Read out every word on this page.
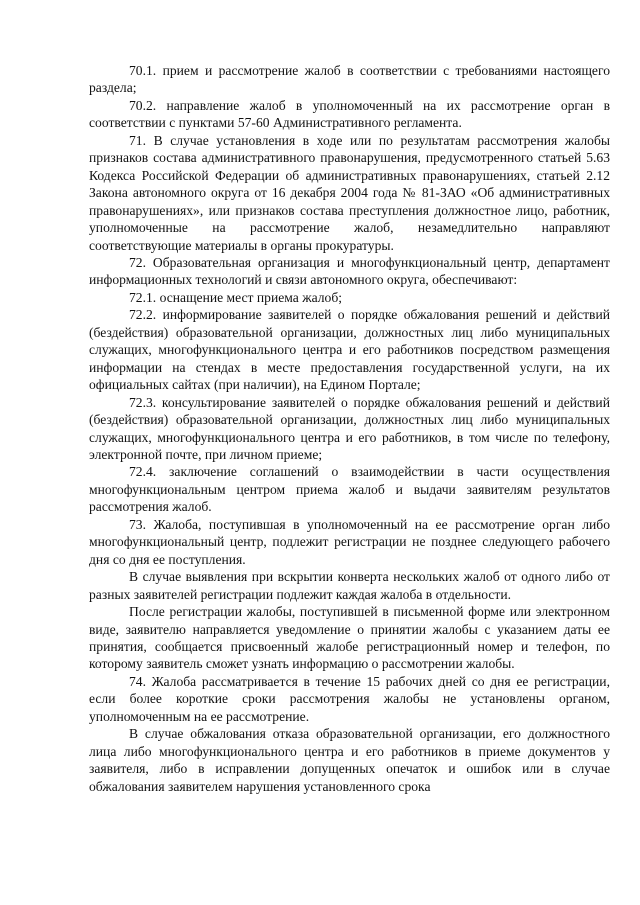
70.1. прием и рассмотрение жалоб в соответствии с требованиями настоящего раздела;

70.2. направление жалоб в уполномоченный на их рассмотрение орган в соответствии с пунктами 57-60 Административного регламента.

71. В случае установления в ходе или по результатам рассмотрения жалобы признаков состава административного правонарушения, предусмотренного статьей 5.63 Кодекса Российской Федерации об административных правонарушениях, статьей 2.12 Закона автономного округа от 16 декабря 2004 года № 81-ЗАО «Об административных правонарушениях», или признаков состава преступления должностное лицо, работник, уполномоченные на рассмотрение жалоб, незамедлительно направляют соответствующие материалы в органы прокуратуры.

72. Образовательная организация и многофункциональный центр, департамент информационных технологий и связи автономного округа, обеспечивают:

72.1. оснащение мест приема жалоб;

72.2. информирование заявителей о порядке обжалования решений и действий (бездействия) образовательной организации, должностных лиц либо муниципальных служащих, многофункционального центра и его работников посредством размещения информации на стендах в месте предоставления государственной услуги, на их официальных сайтах (при наличии), на Едином Портале;

72.3. консультирование заявителей о порядке обжалования решений и действий (бездействия) образовательной организации, должностных лиц либо муниципальных служащих, многофункционального центра и его работников, в том числе по телефону, электронной почте, при личном приеме;

72.4. заключение соглашений о взаимодействии в части осуществления многофункциональным центром приема жалоб и выдачи заявителям результатов рассмотрения жалоб.

73. Жалоба, поступившая в уполномоченный на ее рассмотрение орган либо многофункциональный центр, подлежит регистрации не позднее следующего рабочего дня со дня ее поступления.

В случае выявления при вскрытии конверта нескольких жалоб от одного либо от разных заявителей регистрации подлежит каждая жалоба в отдельности.

После регистрации жалобы, поступившей в письменной форме или электронном виде, заявителю направляется уведомление о принятии жалобы с указанием даты ее принятия, сообщается присвоенный жалобе регистрационный номер и телефон, по которому заявитель сможет узнать информацию о рассмотрении жалобы.

74. Жалоба рассматривается в течение 15 рабочих дней со дня ее регистрации, если более короткие сроки рассмотрения жалобы не установлены органом, уполномоченным на ее рассмотрение.

В случае обжалования отказа образовательной организации, его должностного лица либо многофункционального центра и его работников в приеме документов у заявителя, либо в исправлении допущенных опечаток и ошибок или в случае обжалования заявителем нарушения установленного срока
